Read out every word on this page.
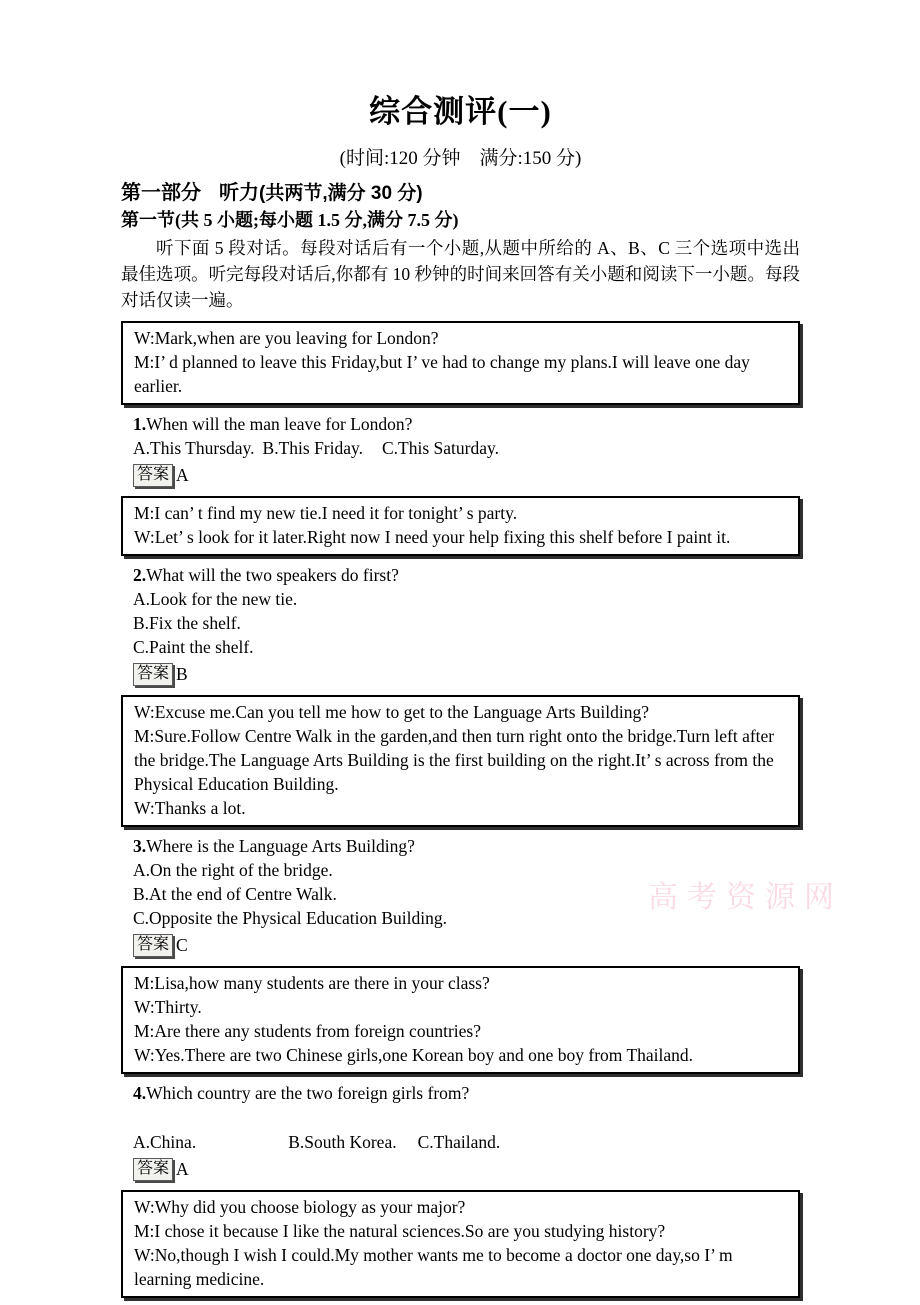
高考资源网
综合测评(一)
(时间:120 分钟　满分:150 分)
第一部分 听力(共两节,满分 30 分)
第一节(共 5 小题;每小题 1.5 分,满分 7.5 分)

听下面 5 段对话。每段对话后有一个小题,从题中所给的 A、B、C 三个选项中选出最佳选项。听完每段对话后,你都有 10 秒钟的时间来回答有关小题和阅读下一小题。每段对话仅读一遍。

W:Mark,when are you leaving for London?

M:I’ d planned to leave this Friday,but I’ ve had to change my plans.I will leave one day earlier.

1.When will the man leave for London?

A.This Thursday. B.This Friday. C.This Saturday.

答案 A

M:I can’ t find my new tie.I need it for tonight’ s party.

W:Let’ s look for it later.Right now I need your help fixing this shelf before I paint it.

2.What will the two speakers do first?

A.Look for the new tie.

B.Fix the shelf.

C.Paint the shelf.

答案 B

W:Excuse me.Can you tell me how to get to the Language Arts Building?

M:Sure.Follow Centre Walk in the garden,and then turn right onto the bridge.Turn left after the bridge.The Language Arts Building is the first building on the right.It’ s across from the Physical Education Building.

W:Thanks a lot.

3.Where is the Language Arts Building?

A.On the right of the bridge.

B.At the end of Centre Walk.

C.Opposite the Physical Education Building.

答案 C

M:Lisa,how many students are there in your class?

W:Thirty.

M:Are there any students from foreign countries?

W:Yes.There are two Chinese girls,one Korean boy and one boy from Thailand.

4.Which country are the two foreign girls from?

A.China.	B.South Korea. C.Thailand.

答案 A

W:Why did you choose biology as your major?

M:I chose it because I like the natural sciences.So are you studying history?

W:No,though I wish I could.My mother wants me to become a doctor one day,so I’ m learning medicine.
